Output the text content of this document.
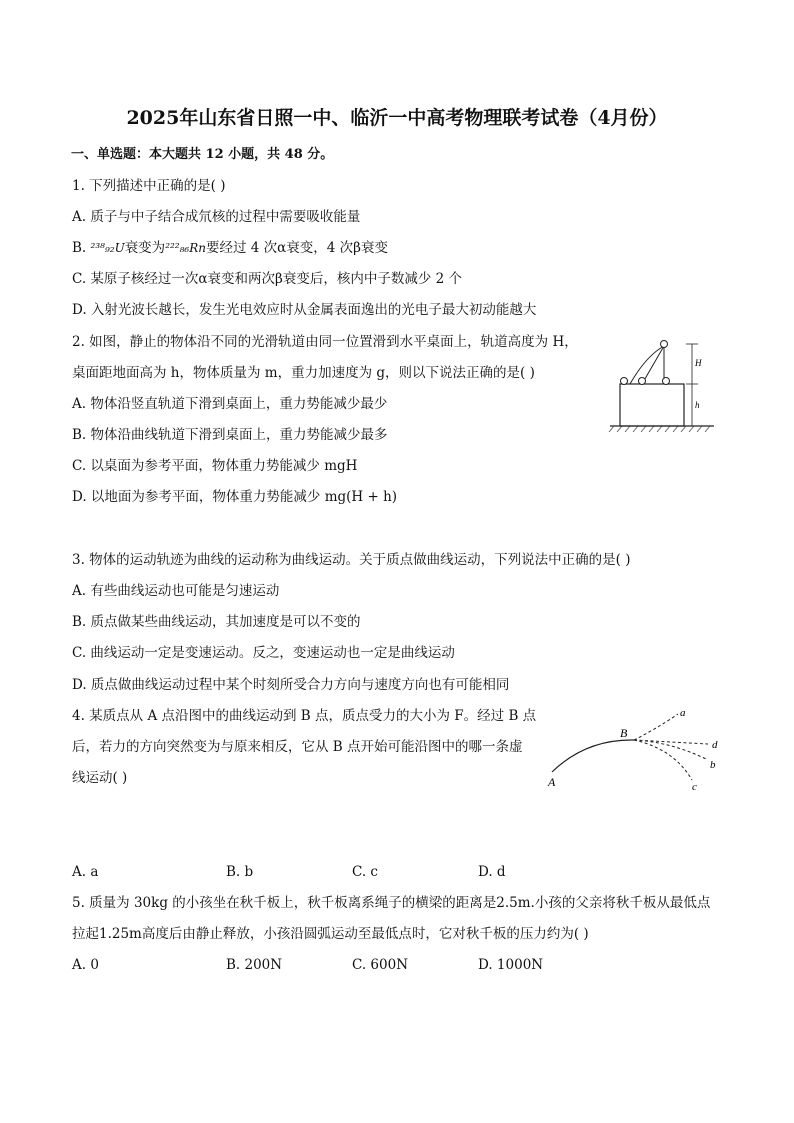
2025年山东省日照一中、临沂一中高考物理联考试卷（4月份）
一、单选题：本大题共 12 小题，共 48 分。
1. 下列描述中正确的是( )
A. 质子与中子结合成氘核的过程中需要吸收能量
B. ²³⁸₉₂U衰变为²²²₈₆Rn要经过 4 次α衰变，4 次β衰变
C. 某原子核经过一次α衰变和两次β衰变后，核内中子数减少 2 个
D. 入射光波长越长，发生光电效应时从金属表面逸出的光电子最大初动能越大
2. 如图，静止的物体沿不同的光滑轨道由同一位置滑到水平桌面上，轨道高度为 H，
桌面距地面高为 h，物体质量为 m，重力加速度为 g，则以下说法正确的是( )
A. 物体沿竖直轨道下滑到桌面上，重力势能减少最少
B. 物体沿曲线轨道下滑到桌面上，重力势能减少最多
C. 以桌面为参考平面，物体重力势能减少 mgH
D. 以地面为参考平面，物体重力势能减少 mg(H + h)
H
h
3. 物体的运动轨迹为曲线的运动称为曲线运动。关于质点做曲线运动，下列说法中正确的是( )
A. 有些曲线运动也可能是匀速运动
B. 质点做某些曲线运动，其加速度是可以不变的
C. 曲线运动一定是变速运动。反之，变速运动也一定是曲线运动
D. 质点做曲线运动过程中某个时刻所受合力方向与速度方向也有可能相同
4. 某质点从 A 点沿图中的曲线运动到 B 点，质点受力的大小为 F。经过 B 点
后，若力的方向突然变为与原来相反，它从 B 点开始可能沿图中的哪一条虚
线运动( )	A
B
a
d
b
c
A. a	B. b	C. c	D. d
5. 质量为 30kg 的小孩坐在秋千板上，秋千板离系绳子的横梁的距离是2.5m.小孩的父亲将秋千板从最低点
拉起1.25m高度后由静止释放，小孩沿圆弧运动至最低点时，它对秋千板的压力约为( )
A. 0	B. 200N	C. 600N	D. 1000N
